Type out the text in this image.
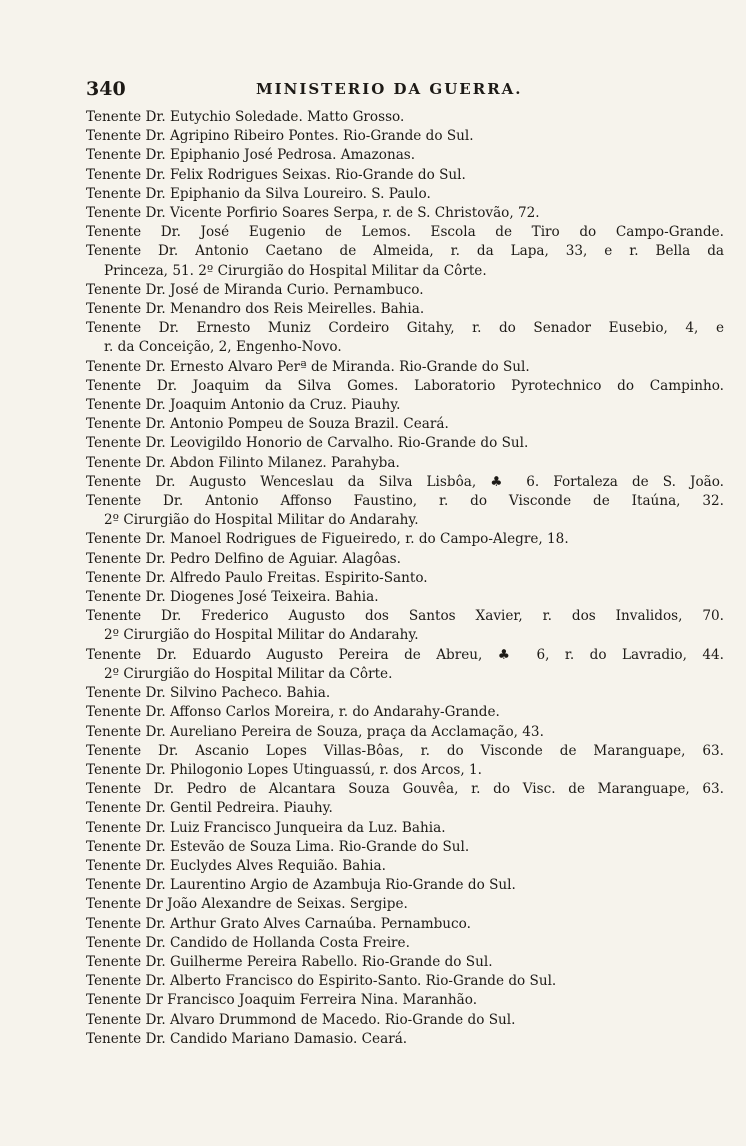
340	MINISTERIO DA GUERRA.
Tenente Dr. Eutychio Soledade. Matto Grosso.
Tenente Dr. Agripino Ribeiro Pontes. Rio-Grande do Sul.
Tenente Dr. Epiphanio José Pedrosa. Amazonas.
Tenente Dr. Felix Rodrigues Seixas. Rio-Grande do Sul.
Tenente Dr. Epiphanio da Silva Loureiro. S. Paulo.
Tenente Dr. Vicente Porfirio Soares Serpa, r. de S. Christovão, 72.
Tenente Dr. José Eugenio de Lemos. Escola de Tiro do Campo-Grande.
Tenente Dr. Antonio Caetano de Almeida, r. da Lapa, 33, e r. Bella da
Princeza, 51. 2º Cirurgião do Hospital Militar da Côrte.
Tenente Dr. José de Miranda Curio. Pernambuco.
Tenente Dr. Menandro dos Reis Meirelles. Bahia.
Tenente Dr. Ernesto Muniz Cordeiro Gitahy, r. do Senador Eusebio, 4, e
r. da Conceição, 2, Engenho-Novo.
Tenente Dr. Ernesto Alvaro Perª de Miranda. Rio-Grande do Sul.
Tenente Dr. Joaquim da Silva Gomes. Laboratorio Pyrotechnico do Campinho.
Tenente Dr. Joaquim Antonio da Cruz. Piauhy.
Tenente Dr. Antonio Pompeu de Souza Brazil. Ceará.
Tenente Dr. Leovigildo Honorio de Carvalho. Rio-Grande do Sul.
Tenente Dr. Abdon Filinto Milanez. Parahyba.
Tenente Dr. Augusto Wenceslau da Silva Lisbôa, ♣ 6. Fortaleza de S. João.
Tenente Dr. Antonio Affonso Faustino, r. do Visconde de Itaúna, 32.
2º Cirurgião do Hospital Militar do Andarahy.
Tenente Dr. Manoel Rodrigues de Figueiredo, r. do Campo-Alegre, 18.
Tenente Dr. Pedro Delfino de Aguiar. Alagôas.
Tenente Dr. Alfredo Paulo Freitas. Espirito-Santo.
Tenente Dr. Diogenes José Teixeira. Bahia.
Tenente Dr. Frederico Augusto dos Santos Xavier, r. dos Invalidos, 70.
2º Cirurgião do Hospital Militar do Andarahy.
Tenente Dr. Eduardo Augusto Pereira de Abreu, ♣ 6, r. do Lavradio, 44.
2º Cirurgião do Hospital Militar da Côrte.
Tenente Dr. Silvino Pacheco. Bahia.
Tenente Dr. Affonso Carlos Moreira, r. do Andarahy-Grande.
Tenente Dr. Aureliano Pereira de Souza, praça da Acclamação, 43.
Tenente Dr. Ascanio Lopes Villas-Bôas, r. do Visconde de Maranguape, 63.
Tenente Dr. Philogonio Lopes Utinguassú, r. dos Arcos, 1.
Tenente Dr. Pedro de Alcantara Souza Gouvêa, r. do Visc. de Maranguape, 63.
Tenente Dr. Gentil Pedreira. Piauhy.
Tenente Dr. Luiz Francisco Junqueira da Luz. Bahia.
Tenente Dr. Estevão de Souza Lima. Rio-Grande do Sul.
Tenente Dr. Euclydes Alves Requião. Bahia.
Tenente Dr. Laurentino Argio de Azambuja Rio-Grande do Sul.
Tenente Dr João Alexandre de Seixas. Sergipe.
Tenente Dr. Arthur Grato Alves Carnaúba. Pernambuco.
Tenente Dr. Candido de Hollanda Costa Freire.
Tenente Dr. Guilherme Pereira Rabello. Rio-Grande do Sul.
Tenente Dr. Alberto Francisco do Espirito-Santo. Rio-Grande do Sul.
Tenente Dr Francisco Joaquim Ferreira Nina. Maranhão.
Tenente Dr. Alvaro Drummond de Macedo. Rio-Grande do Sul.
Tenente Dr. Candido Mariano Damasio. Ceará.
